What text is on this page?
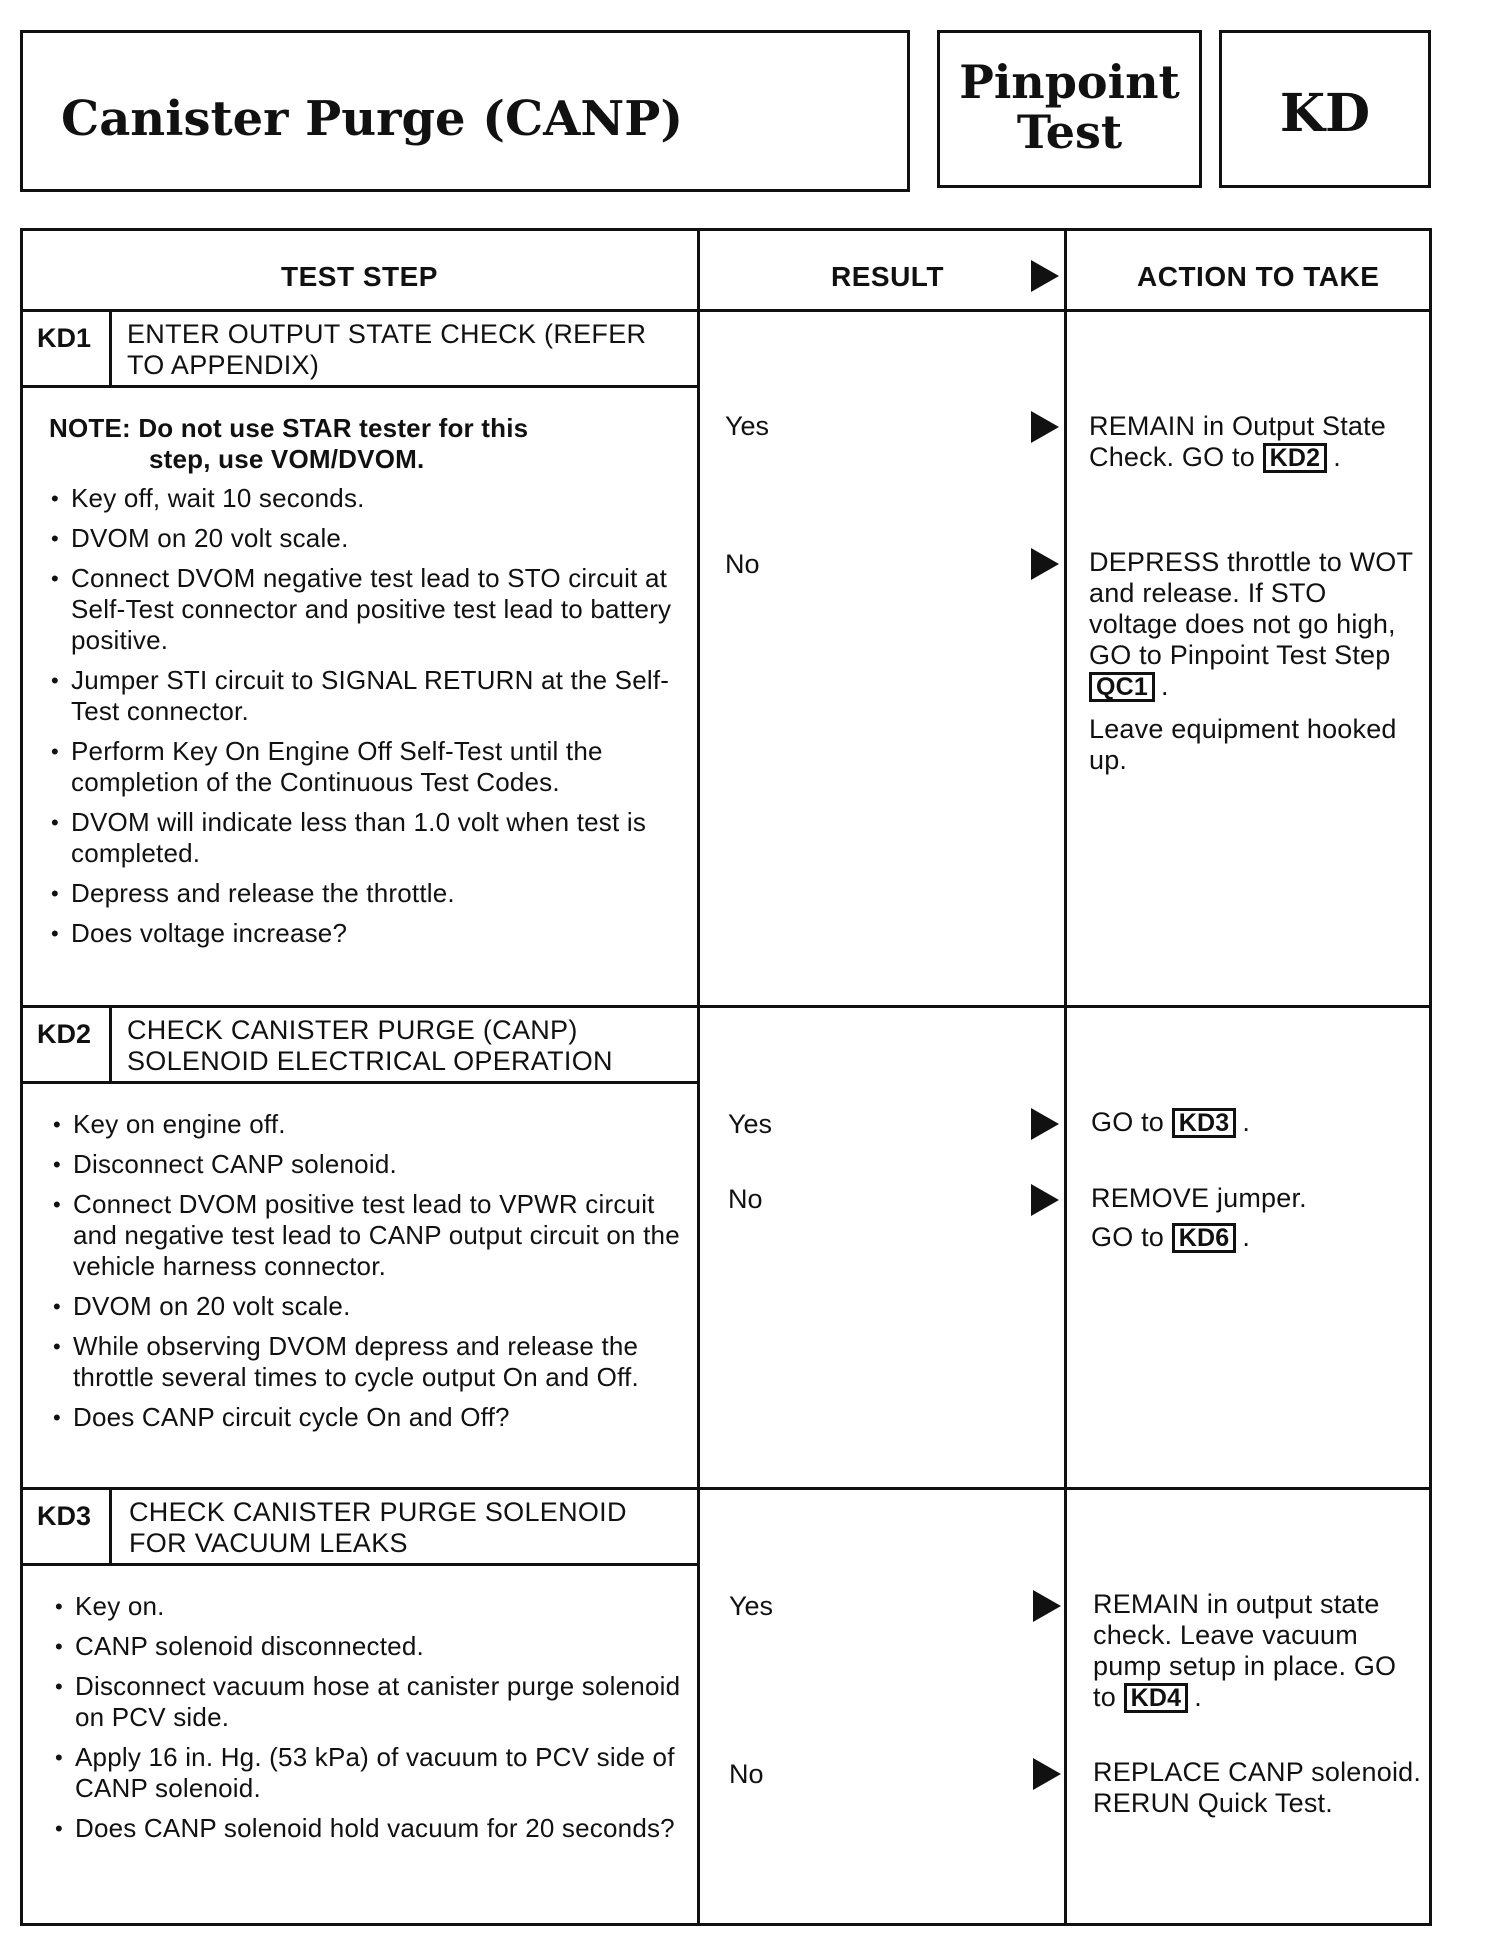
Canister Purge (CANP)
Pinpoint Test	KD
TEST STEP	RESULT	ACTION TO TAKE
KD1 ENTER OUTPUT STATE CHECK (REFER TO APPENDIX)
NOTE: Do not use STAR tester for this
step, use VOM/DVOM.
• Key off, wait 10 seconds.
• DVOM on 20 volt scale.
• Connect DVOM negative test lead to STO circuit at Self-Test connector and positive test lead to battery positive.
• Jumper STI circuit to SIGNAL RETURN at the Self-Test connector.
• Perform Key On Engine Off Self-Test until the completion of the Continuous Test Codes.
• DVOM will indicate less than 1.0 volt when test is completed.
• Depress and release the throttle.
• Does voltage increase?
Yes	REMAIN in Output State Check. GO to KD2 .
No	DEPRESS throttle to WOT and release. If STO voltage does not go high, GO to Pinpoint Test Step QC1 .
Leave equipment hooked up.
KD2 CHECK CANISTER PURGE (CANP) SOLENOID ELECTRICAL OPERATION
• Key on engine off.
• Disconnect CANP solenoid.
• Connect DVOM positive test lead to VPWR circuit and negative test lead to CANP output circuit on the vehicle harness connector.
• DVOM on 20 volt scale.
• While observing DVOM depress and release the throttle several times to cycle output On and Off.
• Does CANP circuit cycle On and Off?
Yes	GO to KD3 .
No	REMOVE jumper.
GO to KD6 .
KD3 CHECK CANISTER PURGE SOLENOID FOR VACUUM LEAKS
• Key on.
• CANP solenoid disconnected.
• Disconnect vacuum hose at canister purge solenoid on PCV side.
• Apply 16 in. Hg. (53 kPa) of vacuum to PCV side of CANP solenoid.
• Does CANP solenoid hold vacuum for 20 seconds?
Yes	REMAIN in output state check. Leave vacuum pump setup in place. GO to KD4 .
No	REPLACE CANP solenoid. RERUN Quick Test.
